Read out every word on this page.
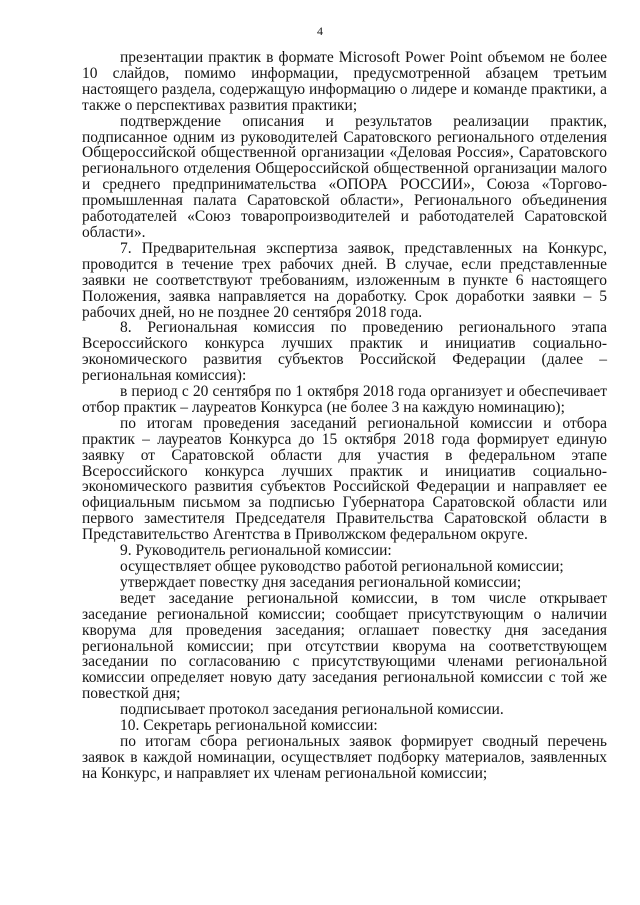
4

презентации практик в формате Microsoft Power Point объемом не более 10 слайдов, помимо информации, предусмотренной абзацем третьим настоящего раздела, содержащую информацию о лидере и команде практики, а также о перспективах развития практики;

подтверждение описания и результатов реализации практик, подписанное одним из руководителей Саратовского регионального отделения Общероссийской общественной организации «Деловая Россия», Саратовского регионального отделения Общероссийской общественной организации малого и среднего предпринимательства «ОПОРА РОССИИ», Союза «Торгово-промышленная палата Саратовской области», Регионального объединения работодателей «Союз товаропроизводителей и работодателей Саратовской области».

7. Предварительная экспертиза заявок, представленных на Конкурс, проводится в течение трех рабочих дней. В случае, если представленные заявки не соответствуют требованиям, изложенным в пункте 6 настоящего Положения, заявка направляется на доработку. Срок доработки заявки – 5 рабочих дней, но не позднее 20 сентября 2018 года.

8. Региональная комиссия по проведению регионального этапа Всероссийского конкурса лучших практик и инициатив социально-экономического развития субъектов Российской Федерации (далее – региональная комиссия):

в период с 20 сентября по 1 октября 2018 года организует и обеспечивает отбор практик – лауреатов Конкурса (не более 3 на каждую номинацию);

по итогам проведения заседаний региональной комиссии и отбора практик – лауреатов Конкурса до 15 октября 2018 года формирует единую заявку от Саратовской области для участия в федеральном этапе Всероссийского конкурса лучших практик и инициатив социально-экономического развития субъектов Российской Федерации и направляет ее официальным письмом за подписью Губернатора Саратовской области или первого заместителя Председателя Правительства Саратовской области в Представительство Агентства в Приволжском федеральном округе.

9. Руководитель региональной комиссии:

осуществляет общее руководство работой региональной комиссии;

утверждает повестку дня заседания региональной комиссии;

ведет заседание региональной комиссии, в том числе открывает заседание региональной комиссии; сообщает присутствующим о наличии кворума для проведения заседания; оглашает повестку дня заседания региональной комиссии; при отсутствии кворума на соответствующем заседании по согласованию с присутствующими членами региональной комиссии определяет новую дату заседания региональной комиссии с той же повесткой дня;

подписывает протокол заседания региональной комиссии.

10. Секретарь региональной комиссии:

по итогам сбора региональных заявок формирует сводный перечень заявок в каждой номинации, осуществляет подборку материалов, заявленных на Конкурс, и направляет их членам региональной комиссии;
